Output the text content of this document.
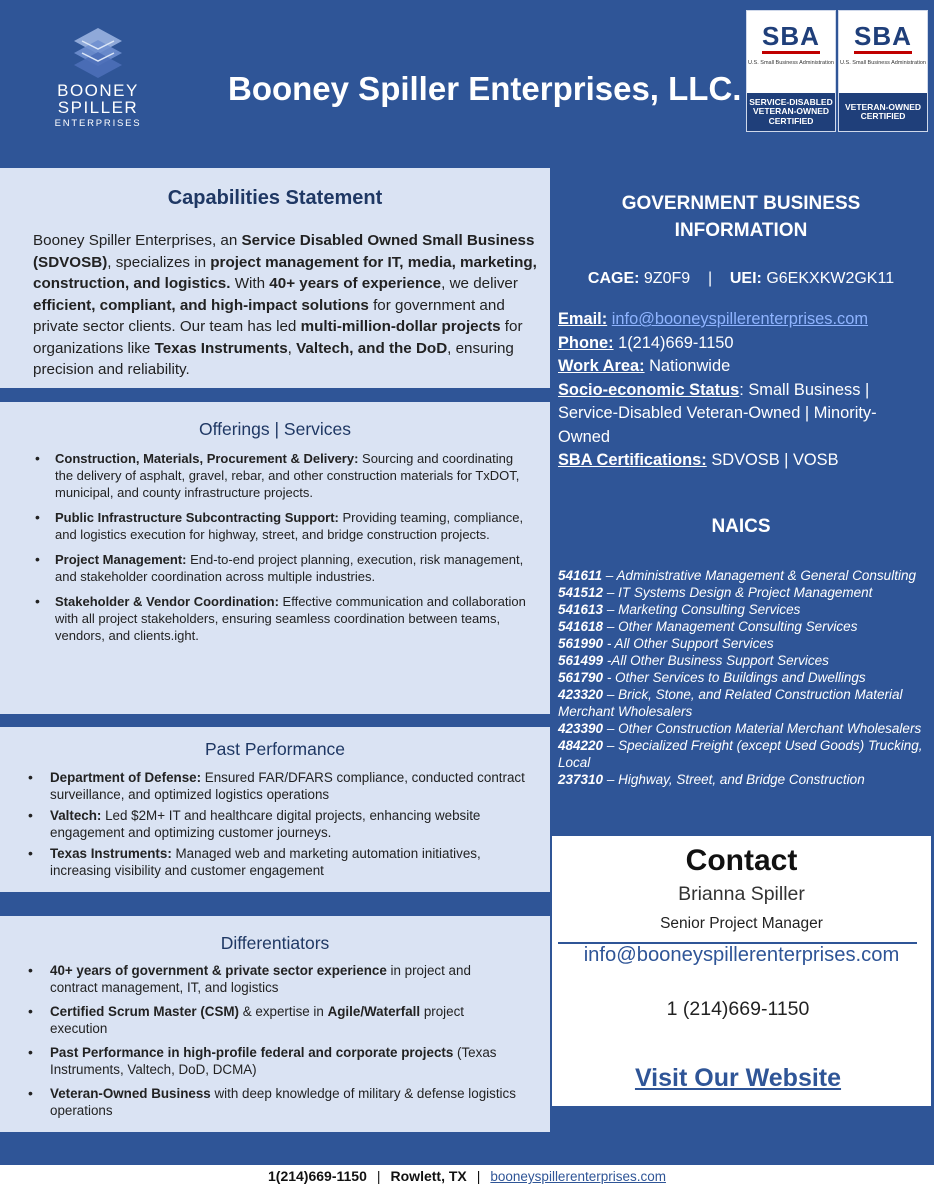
BOONEY
SPILLER
ENTERPRISES
Booney Spiller Enterprises, LLC.
SBA
U.S. Small Business Administration
SERVICE-DISABLED
VETERAN-OWNED
CERTIFIED
SBA
U.S. Small Business Administration
VETERAN-OWNED
CERTIFIED
Capabilities Statement
Booney Spiller Enterprises, an Service Disabled Owned Small Business (SDVOSB), specializes in project management for IT, media, marketing, construction, and logistics. With 40+ years of experience, we deliver efficient, compliant, and high-impact solutions for government and private sector clients. Our team has led multi-million-dollar projects for organizations like Texas Instruments, Valtech, and the DoD, ensuring precision and reliability.
Offerings | Services
• Construction, Materials, Procurement & Delivery: Sourcing and coordinating the delivery of asphalt, gravel, rebar, and other construction materials for TxDOT, municipal, and county infrastructure projects.
• Public Infrastructure Subcontracting Support: Providing teaming, compliance, and logistics execution for highway, street, and bridge construction projects.
• Project Management: End-to-end project planning, execution, risk management, and stakeholder coordination across multiple industries.
• Stakeholder & Vendor Coordination: Effective communication and collaboration with all project stakeholders, ensuring seamless coordination between teams, vendors, and clients.ight.
Past Performance
• Department of Defense: Ensured FAR/DFARS compliance, conducted contract surveillance, and optimized logistics operations
• Valtech: Led $2M+ IT and healthcare digital projects, enhancing website engagement and optimizing customer journeys.
• Texas Instruments: Managed web and marketing automation initiatives, increasing visibility and customer engagement
Differentiators
• 40+ years of government & private sector experience in project and contract management, IT, and logistics
• Certified Scrum Master (CSM) & expertise in Agile/Waterfall project execution
• Past Performance in high-profile federal and corporate projects (Texas Instruments, Valtech, DoD, DCMA)
• Veteran-Owned Business with deep knowledge of military & defense logistics operations
GOVERNMENT BUSINESS
INFORMATION
CAGE: 9Z0F9 | UEI: G6EKXKW2GK11
Email: info@booneyspillerenterprises.com
Phone: 1(214)669-1150
Work Area: Nationwide
Socio-economic Status: Small Business | Service-Disabled Veteran-Owned | Minority-Owned
SBA Certifications: SDVOSB | VOSB
NAICS
541611 – Administrative Management & General Consulting
541512 – IT Systems Design & Project Management
541613 – Marketing Consulting Services
541618 – Other Management Consulting Services
561990 - All Other Support Services
561499 -All Other Business Support Services
561790 - Other Services to Buildings and Dwellings
423320 – Brick, Stone, and Related Construction Material Merchant Wholesalers
423390 – Other Construction Material Merchant Wholesalers
484220 – Specialized Freight (except Used Goods) Trucking, Local
237310 – Highway, Street, and Bridge Construction
Contact
Brianna Spiller
Senior Project Manager
info@booneyspillerenterprises.com
1 (214)669-1150
Visit Our Website
1(214)669-1150 | Rowlett, TX | booneyspillerenterprises.com
